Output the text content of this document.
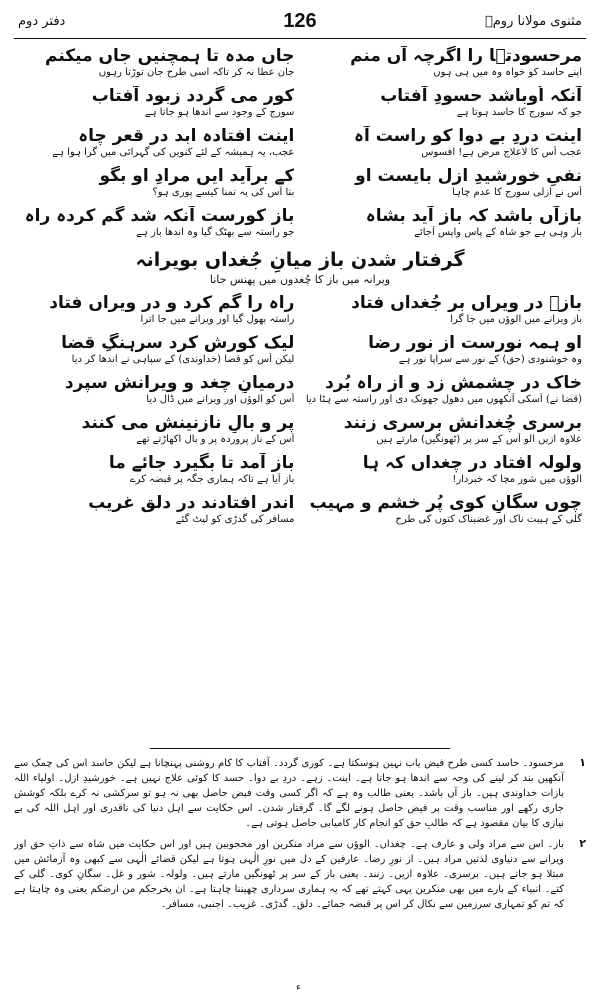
دفتر دوم	126	مثنوی مولانا رومؒ
مرحسودتؔا را اگرچہ آں منم
اپنے حاسد کو خواہ وہ میں ہی ہوں
جاں مدہ تا ہمچنیں جاں میکنم
جان عطا نہ کر تاکہ اسی طرح جان توڑتا رہوں
آنکہ اُوباشد حسودِ آفتاب
جو کہ سورج کا حاسد ہوتا ہے
کور می گردد زبود آفتاب
سورج کے وجود سے اندھا ہو جاتا ہے
اینت دردِ بے دوا کو راست آہ
عجب اُس کا لاعلاج مرض ہے! افسوس
اینت افتادہ ابد در قعرِ چاہ
عجب، یہ ہمیشہ کے لئے کنویں کی گہرائی میں گرا ہوا ہے
نفیِ خورشیدِ ازل بایست او
اُس نے ازلی سورج کا عدم چاہا
کے برآید ایں مرادِ او بگو
بتا اُس کی یہ تمنا کیسے پوری ہو؟
بازآں باشد کہ باز آید بشاہ
باز وہی ہے جو شاہ کے پاس واپس آجائے
باز کورست آنکہ شد گم کردہ راہ
جو راستہ سے بھٹک گیا وہ اندھا باز ہے
گرفتار شدن باز میانِ جُغداں بویرانہ
ویرانہ میں باز کا چُغدوں میں پھنس جانا
بازؔ در ویراں بر جُغداں فتاد
باز ویرانے میں الوؤں میں جا گرا
راہ را گم کرد و در ویراں فتاد
راستہ بھول گیا اور ویرانے میں جا اترا
او ہمہ نورست از نورِ رضا
وہ خوشنودی (حق) کے نور سے سراپا نور ہے
لیک کورش کرد سرہنگِ قضا
لیکن اُس کو قضا (خداوندی) کے سپاہی نے اندھا کر دیا
خاک در چشمش زد و از راہ بُرد
(قضا نے) اُسکی آنکھوں میں دھول جھونک دی اور راستہ سے ہٹا دیا
درمیانِ چغد و ویرانش سپرد
اُس کو الوؤں اور ویرانے میں ڈال دیا
برسری چُغدانش برسری زنند
علاوہ ازیں الو اُس کے سر پر (ٹھونگیں) مارتے ہیں
پر و بالِ نازنینش می کنند
اُس کے ناز پروردہ پر و بال اکھاڑتے تھے
ولولہ افتاد در چغداں کہ ہا
الوؤں میں شور مچا کہ خبردار!
باز آمد تا بگیرد جائے ما
باز آیا ہے تاکہ ہماری جگہ پر قبضہ کرے
چوں سگانِ کوی پُر خشم و مہیب
گلی کے ہیبت ناک اور غضبناک کتوں کی طرح
اندر افتادند در دلقِ غریب
مسافر کی گدڑی کو لپٹ گئے
۱
مرحسود۔ حاسد کسی طرح فیض یاب نہیں ہوسکتا ہے۔ کوری گردد۔ آفتاب کا کام روشنی پہنچانا ہے لیکن حاسد اس کی چمک سے آنکھیں بند کر لینے کی وجہ سے اندھا ہو جاتا ہے۔ اینت۔ زہے۔ دردِ بے دوا۔ حسد کا کوئی علاج نہیں ہے۔ خورشیدِ ازل۔ اولیاء اللہ بازات خداوندی ہیں۔ باز آں باشد۔ یعنی طالب وہ ہے کہ اگر کسی وقت فیض حاصل بھی نہ ہو تو سرکشی نہ کرے بلکہ کوشش جاری رکھے اور مناسب وقت پر فیض حاصل ہونے لگے گا۔ گرفتار شدن۔ اس حکایت سے اہل دنیا کی ناقدری اور اہل اللہ کی بے نیازی کا بیان مقصود ہے کہ طالبِ حق کو انجام کار کامیابی حاصل ہوتی ہے۔
۲
باز۔ اس سے مراد ولی و عارف ہے۔ چغداں۔ الوؤں سے مراد منکرین اور محجوبین ہیں اور اس حکایت میں شاہ سے ذاتِ حق اور ویرانے سے دنیاوی لذتیں مراد ہیں۔ از نورِ رضا۔ عارفین کے دل میں نورِ الٰہی ہوتا ہے لیکن قضائے الٰہی سے کبھی وہ آزمائش میں مبتلا ہو جاتے ہیں۔ برسری۔ علاوہ ازیں۔ زنند۔ یعنی باز کے سر پر ٹھونگیں مارتے ہیں۔ ولولہ۔ شور و غل۔ سگانِ کوی۔ گلی کے کتے۔ انبیاء کے بارے میں بھی منکرین یہی کہتے تھے کہ یہ ہماری سرداری چھیننا چاہتا ہے۔ ان یخرجکم من ارضکم یعنی وہ چاہتا ہے کہ تم کو تمہاری سرزمین سے نکال کر اس پر قبضہ جمائے۔ دلق۔ گدڑی۔ غریب۔ اجنبی، مسافر۔
ء
